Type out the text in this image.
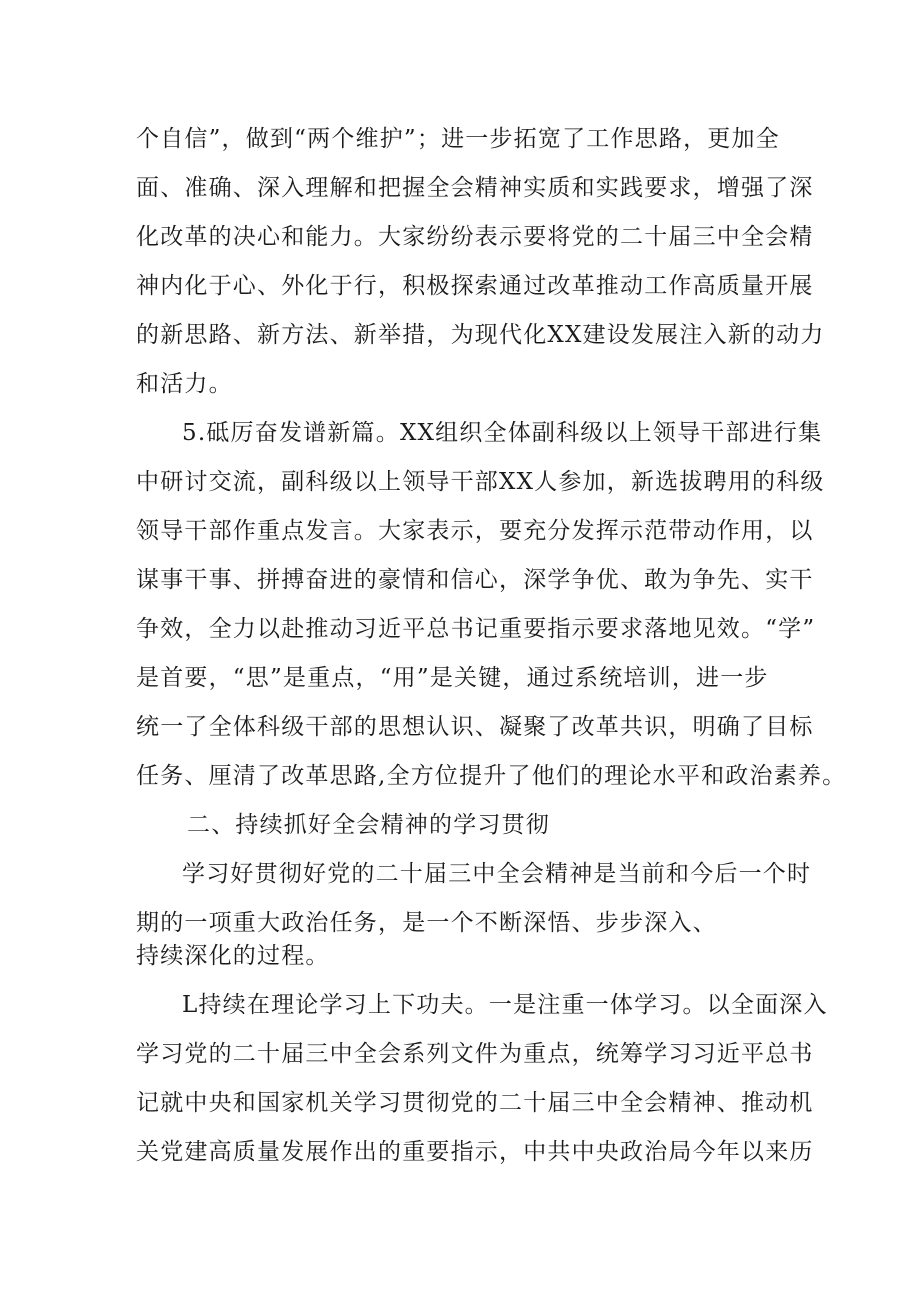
个自信”，做到“两个维护”；进一步拓宽了工作思路，更加全
面、准确、深入理解和把握全会精神实质和实践要求，增强了深
化改革的决心和能力。大家纷纷表示要将党的二十届三中全会精
神内化于心、外化于行，积极探索通过改革推动工作高质量开展
的新思路、新方法、新举措，为现代化XX建设发展注入新的动力
和活力。
5.砥厉奋发谱新篇。XX组织全体副科级以上领导干部进行集
中研讨交流，副科级以上领导干部XX人参加，新选拔聘用的科级
领导干部作重点发言。大家表示，要充分发挥示范带动作用，以
谋事干事、拼搏奋进的豪情和信心，深学争优、敢为争先、实干
争效，全力以赴推动习近平总书记重要指示要求落地见效。“学”
是首要，“思”是重点，“用”是关键，通过系统培训，进一步
统一了全体科级干部的思想认识、凝聚了改革共识，明确了目标
任务、厘清了改革思路,全方位提升了他们的理论水平和政治素养。
二、持续抓好全会精神的学习贯彻
学习好贯彻好党的二十届三中全会精神是当前和今后一个时
期的一项重大政治任务，是一个不断深悟、步步深入、
持续深化的过程。
L持续在理论学习上下功夫。一是注重一体学习。以全面深入
学习党的二十届三中全会系列文件为重点，统筹学习习近平总书
记就中央和国家机关学习贯彻党的二十届三中全会精神、推动机
关党建高质量发展作出的重要指示，中共中央政治局今年以来历
